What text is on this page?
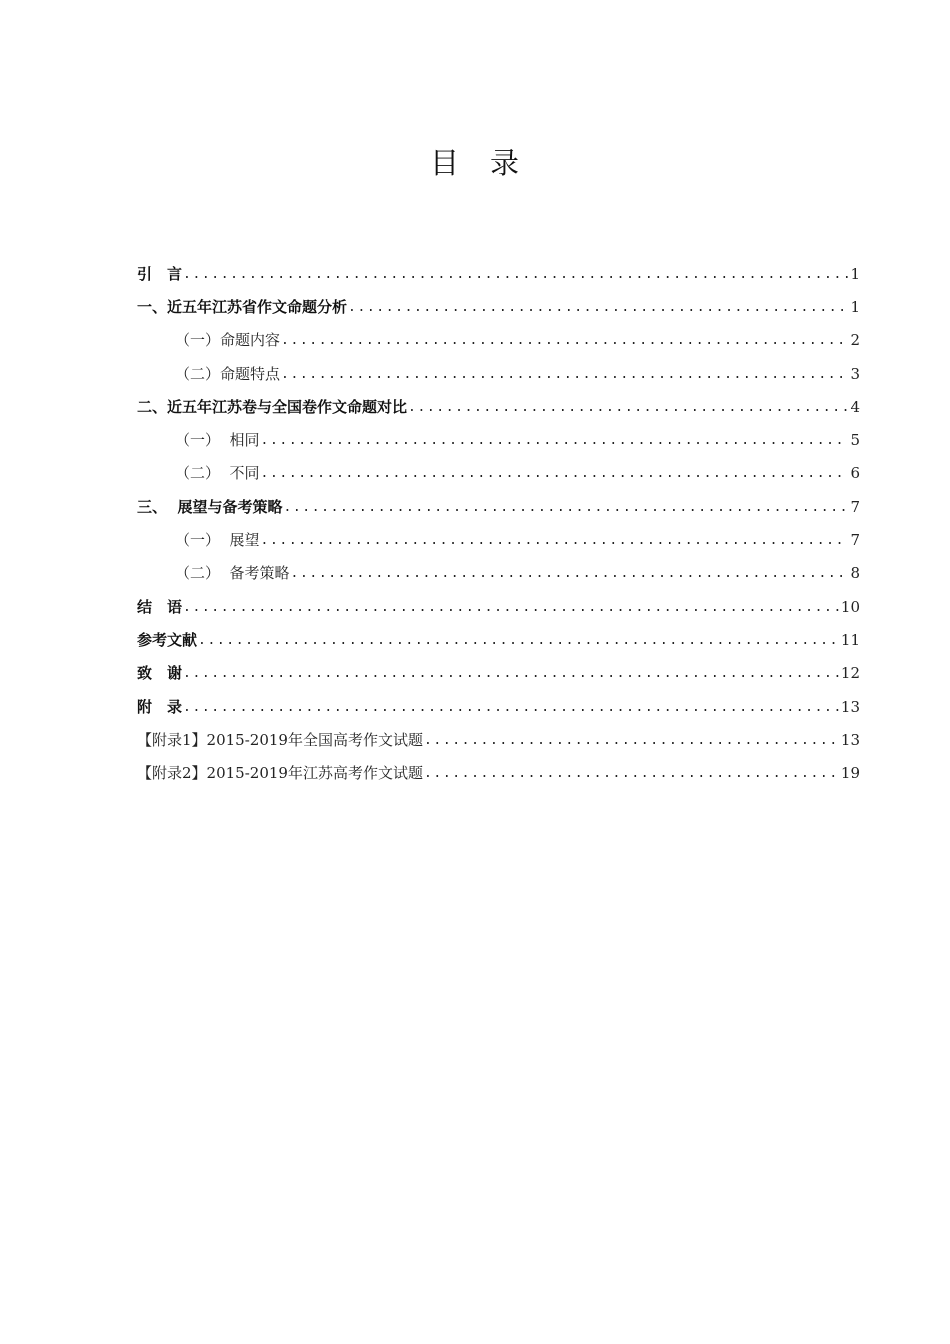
目　录
引　言 .....	1
一、近五年江苏省作文命题分析 .....	1
（一）命题内容 .....	2
（二）命题特点 .....	3
二、近五年江苏卷与全国卷作文命题对比 .....	4
（一）  相同 .....	5
（二）  不同 .....	6
三、  展望与备考策略 .....	7
（一）  展望 .....	7
（二）  备考策略 .....	8
结　语 .....	10
参考文献 .....	11
致　谢 .....	12
附　录 .....	13
【附录1】2015-2019年全国高考作文试题 .....	13
【附录2】2015-2019年江苏高考作文试题 .....	19
